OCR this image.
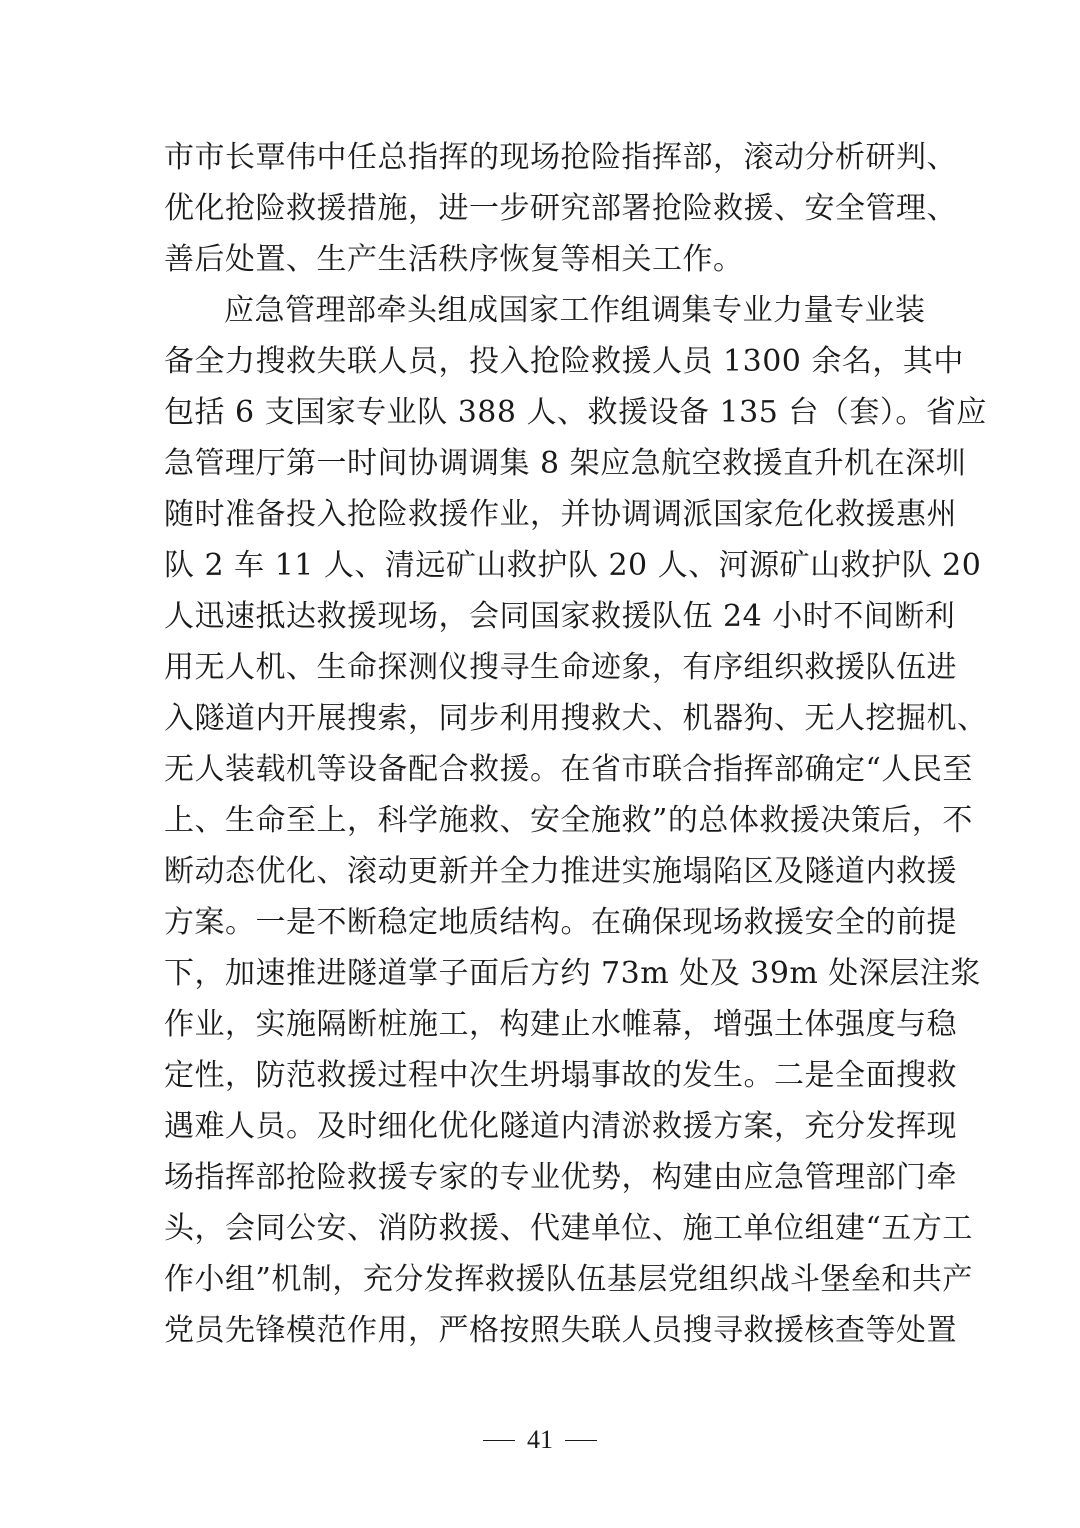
市市长覃伟中任总指挥的现场抢险指挥部，滚动分析研判、
优化抢险救援措施，进一步研究部署抢险救援、安全管理、
善后处置、生产生活秩序恢复等相关工作。
应急管理部牵头组成国家工作组调集专业力量专业装
备全力搜救失联人员，投入抢险救援人员 1300 余名，其中
包括 6 支国家专业队 388 人、救援设备 135 台（套）。省应
急管理厅第一时间协调调集 8 架应急航空救援直升机在深圳
随时准备投入抢险救援作业，并协调调派国家危化救援惠州
队 2 车 11 人、清远矿山救护队 20 人、河源矿山救护队 20
人迅速抵达救援现场，会同国家救援队伍 24 小时不间断利
用无人机、生命探测仪搜寻生命迹象，有序组织救援队伍进
入隧道内开展搜索，同步利用搜救犬、机器狗、无人挖掘机、
无人装载机等设备配合救援。在省市联合指挥部确定“人民至
上、生命至上，科学施救、安全施救”的总体救援决策后，不
断动态优化、滚动更新并全力推进实施塌陷区及隧道内救援
方案。一是不断稳定地质结构。在确保现场救援安全的前提
下，加速推进隧道掌子面后方约 73m 处及 39m 处深层注浆
作业，实施隔断桩施工，构建止水帷幕，增强土体强度与稳
定性，防范救援过程中次生坍塌事故的发生。二是全面搜救
遇难人员。及时细化优化隧道内清淤救援方案，充分发挥现
场指挥部抢险救援专家的专业优势，构建由应急管理部门牵
头，会同公安、消防救援、代建单位、施工单位组建“五方工
作小组”机制，充分发挥救援队伍基层党组织战斗堡垒和共产
党员先锋模范作用，严格按照失联人员搜寻救援核查等处置
41
